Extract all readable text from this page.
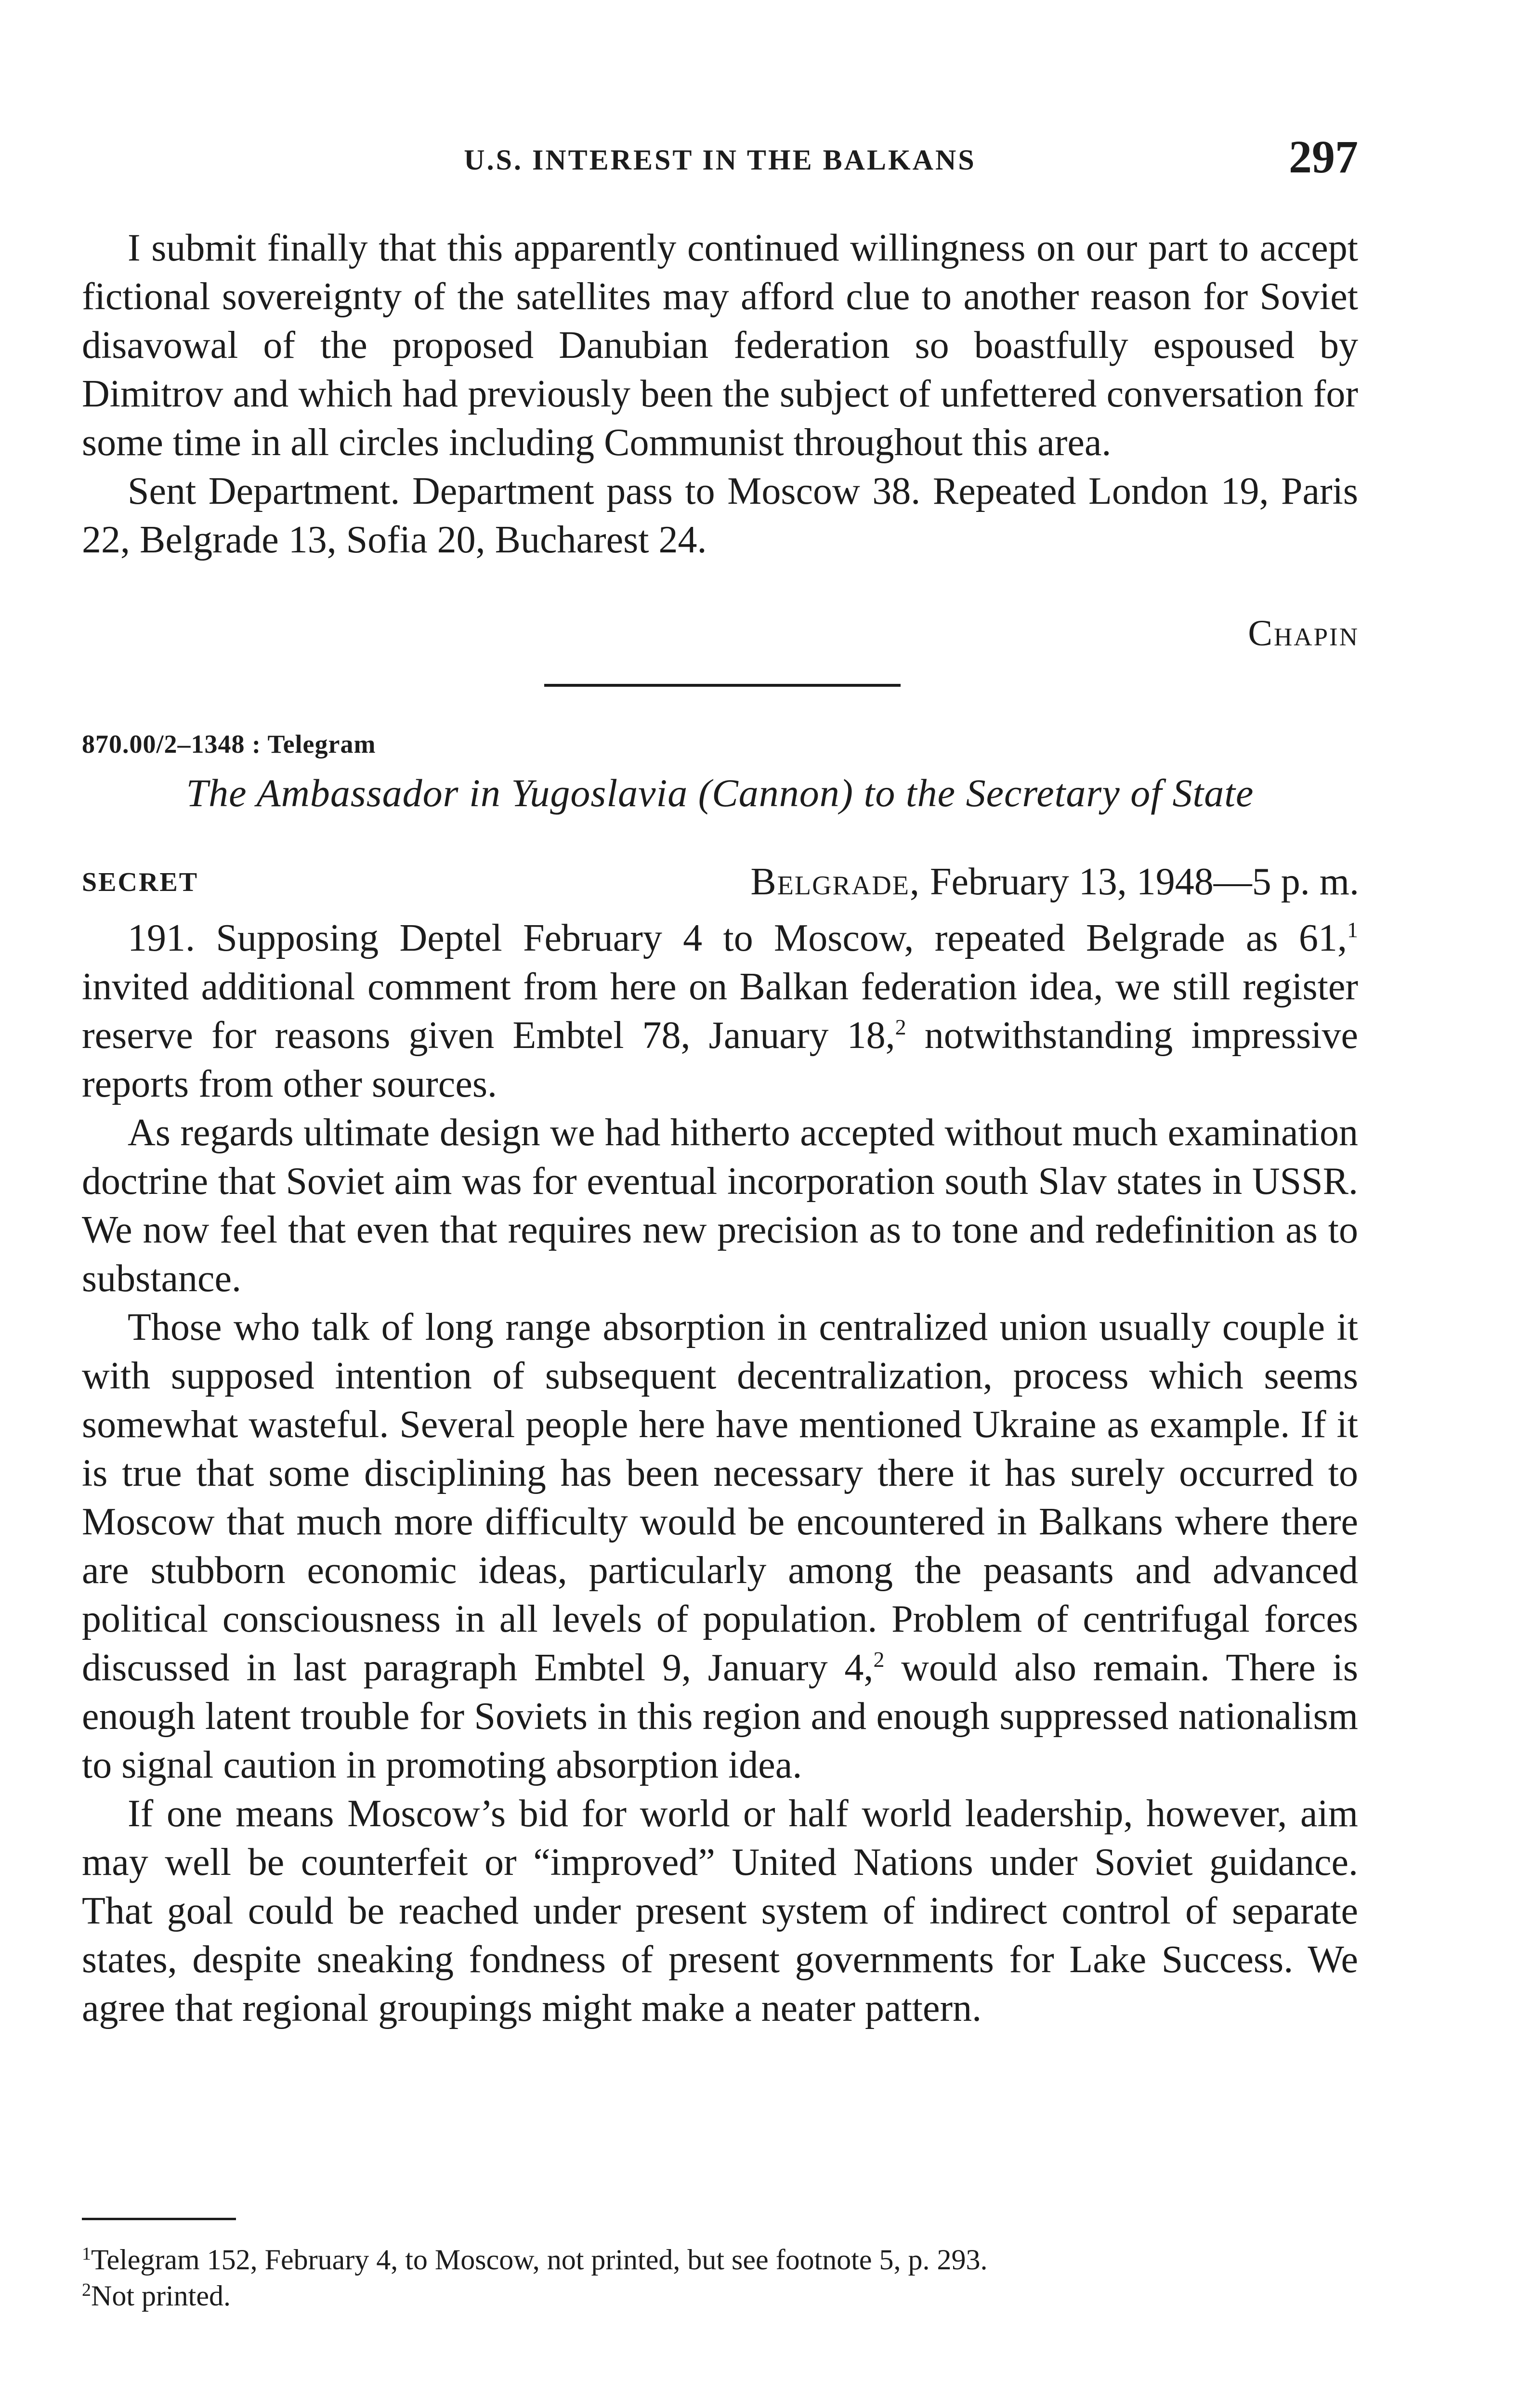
U.S. INTEREST IN THE BALKANS	297

I submit finally that this apparently continued willingness on our part to accept fictional sovereignty of the satellites may afford clue to another reason for Soviet disavowal of the proposed Danubian federation so boastfully espoused by Dimitrov and which had previously been the subject of unfettered conversation for some time in all circles including Communist throughout this area.

Sent Department. Department pass to Moscow 38. Repeated London 19, Paris 22, Belgrade 13, Sofia 20, Bucharest 24.

Chapin
870.00/2–1348 : Telegram
The Ambassador in Yugoslavia (Cannon) to the Secretary of State
SECRET	Belgrade, February 13, 1948—5 p. m.

191. Supposing Deptel February 4 to Moscow, repeated Belgrade as 61,$^1$ invited additional comment from here on Balkan federation idea, we still register reserve for reasons given Embtel 78, January 18,$^2$ notwithstanding impressive reports from other sources.

As regards ultimate design we had hitherto accepted without much examination doctrine that Soviet aim was for eventual incorporation south Slav states in USSR. We now feel that even that requires new precision as to tone and redefinition as to substance.

Those who talk of long range absorption in centralized union usually couple it with supposed intention of subsequent decentralization, process which seems somewhat wasteful. Several people here have mentioned Ukraine as example. If it is true that some disciplining has been necessary there it has surely occurred to Moscow that much more difficulty would be encountered in Balkans where there are stubborn economic ideas, particularly among the peasants and advanced political consciousness in all levels of population. Problem of centrifugal forces discussed in last paragraph Embtel 9, January 4,$^2$ would also remain. There is enough latent trouble for Soviets in this region and enough suppressed nationalism to signal caution in promoting absorption idea.

If one means Moscow’s bid for world or half world leadership, however, aim may well be counterfeit or “improved” United Nations under Soviet guidance. That goal could be reached under present system of indirect control of separate states, despite sneaking fondness of present governments for Lake Success. We agree that regional groupings might make a neater pattern.

$^1$Telegram 152, February 4, to Moscow, not printed, but see footnote 5, p. 293.
$^2$Not printed.
